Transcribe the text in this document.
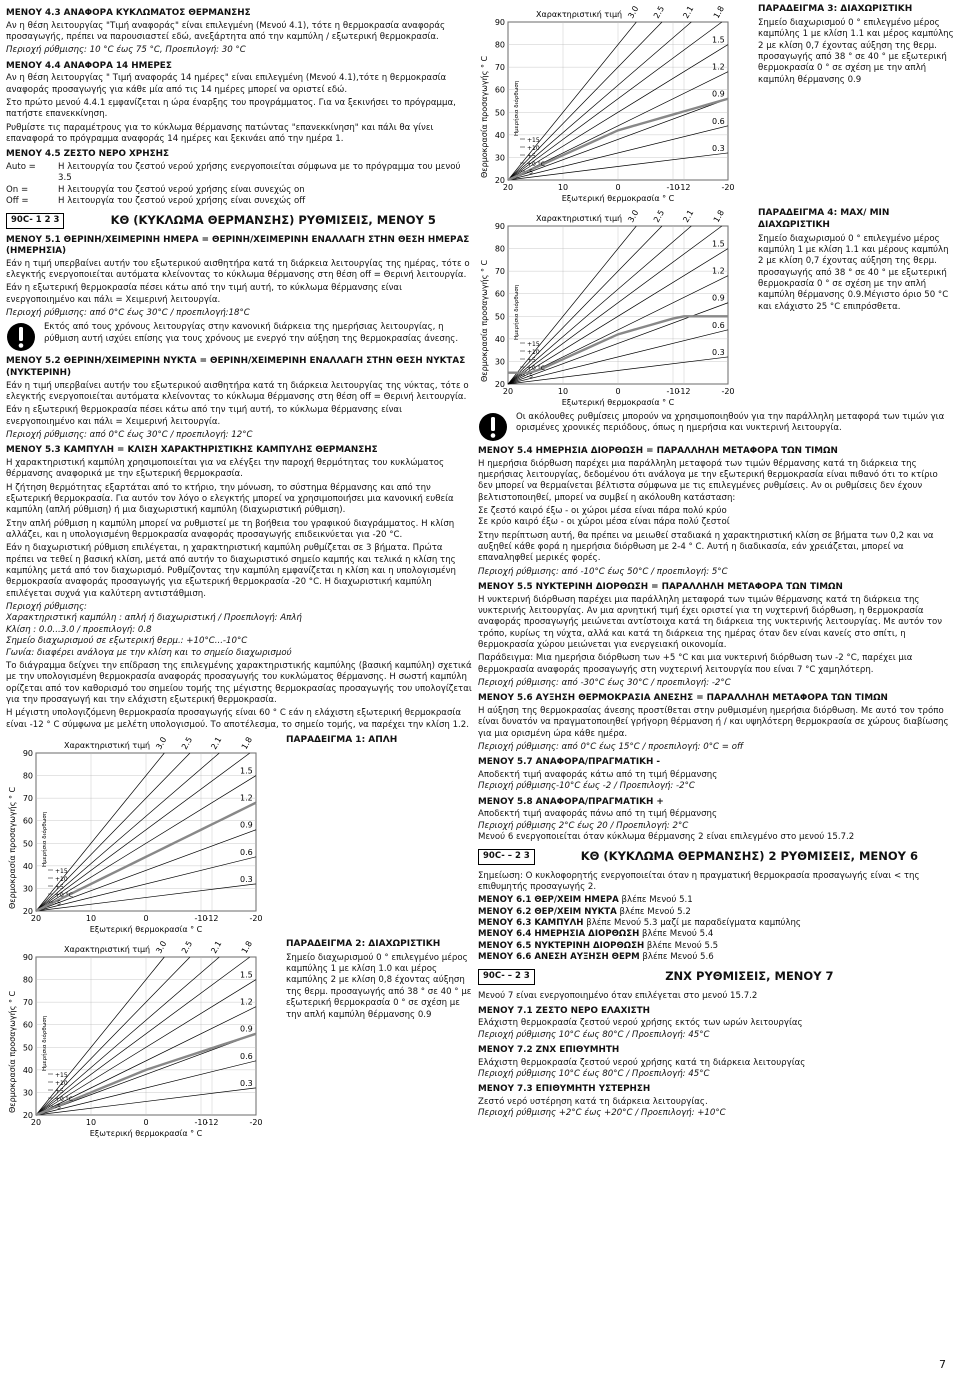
ΜΕΝΟΥ 4.3 ΑΝΑΦΟΡΑ ΚΥΚΛΩΜΑΤΟΣ ΘΕΡΜΑΝΣΗΣ
Αν η θέση λειτουργίας "Τιμή αναφοράς" είναι επιλεγμένη (Μενού 4.1), τότε η θερμοκρασία αναφοράς προσαγωγής, πρέπει να παρουσιαστεί εδώ, ανεξάρτητα από την καμπύλη / εξωτερική θερμοκρασία.
Περιοχή ρύθμισης: 10 °C έως 75 °C, Προεπιλογή: 30 °C
ΜΕΝΟΥ 4.4 ΑΝΑΦΟΡΑ 14 ΗΜΕΡΕΣ
Αν η θέση λειτουργίας " Τιμή αναφοράς 14 ημέρες" είναι επιλεγμένη (Μενού 4.1),τότε η θερμοκρασία αναφοράς προσαγωγής για κάθε μία από τις 14 ημέρες μπορεί να οριστεί εδώ.
Στο πρώτο μενού 4.4.1 εμφανίζεται η ώρα έναρξης του προγράμματος. Για να ξεκινήσει το πρόγραμμα, πατήστε επανεκκίνηση.
Ρυθμίστε τις παραμέτρους για το κύκλωμα θέρμανσης πατώντας "επανεκκίνηση" και πάλι θα γίνει επαναφορά το πρόγραμμα αναφοράς 14 ημέρες και ξεκινάει από την ημέρα 1.
ΜΕΝΟΥ 4.5 ΖΕΣΤΟ ΝΕΡΟ ΧΡΗΣΗΣ
Auto =	Η λειτουργία του ζεστού νερού χρήσης ενεργοποιείται σύμφωνα με το πρόγραμμα του μενού 3.5
On =	Η λειτουργία του ζεστού νερού χρήσης είναι συνεχώς on
Off =	Η λειτουργία του ζεστού νερού χρήσης είναι συνεχώς off
90C- 1 2 3	ΚΘ (ΚΥΚΛΩΜΑ ΘΕΡΜΑΝΣΗΣ) ΡΥΘΜΙΣΕΙΣ, ΜΕΝΟΥ 5
ΜΕΝΟΥ 5.1 ΘΕΡΙΝΗ/ΧΕΙΜΕΡΙΝΗ ΗΜΕΡΑ = ΘΕΡΙΝΗ/ΧΕΙΜΕΡΙΝΗ ΕΝΑΛΛΑΓΗ ΣΤΗΝ ΘΕΣΗ ΗΜΕΡΑΣ (ΗΜΕΡΗΣΙΑ)
Εάν η τιμή υπερβαίνει αυτήν του εξωτερικού αισθητήρα κατά τη διάρκεια λειτουργίας της ημέρας, τότε ο ελεγκτής ενεργοποιείται αυτόματα κλείνοντας το κύκλωμα θέρμανσης στη θέση off = Θερινή λειτουργία.
Εάν η εξωτερική θερμοκρασία πέσει κάτω από την τιμή αυτή, το κύκλωμα θέρμανσης είναι ενεργοποιημένο και πάλι = Χειμερινή λειτουργία.
Περιοχή ρύθμισης: από 0°C έως 30°C / προεπιλογή:18°C
Εκτός από τους χρόνους λειτουργίας στην κανονική διάρκεια της ημερήσιας λειτουργίας, η ρύθμιση αυτή ισχύει επίσης για τους χρόνους με ενεργό την αύξηση της θερμοκρασίας άνεσης.
ΜΕΝΟΥ 5.2 ΘΕΡΙΝΗ/ΧΕΙΜΕΡΙΝΗ ΝΥΚΤΑ = ΘΕΡΙΝΗ/ΧΕΙΜΕΡΙΝΗ ΕΝΑΛΛΑΓΗ ΣΤΗΝ ΘΕΣΗ ΝΥΚΤΑΣ (ΝΥΚΤΕΡΙΝΗ)
Εάν η τιμή υπερβαίνει αυτήν του εξωτερικού αισθητήρα κατά τη διάρκεια λειτουργίας της νύκτας, τότε ο ελεγκτής ενεργοποιείται αυτόματα κλείνοντας το κύκλωμα θέρμανσης στη θέση off = Θερινή λειτουργία.
Εάν η εξωτερική θερμοκρασία πέσει κάτω από την τιμή αυτή, το κύκλωμα θέρμανσης είναι ενεργοποιημένο και πάλι = Χειμερινή λειτουργία.
Περιοχή ρύθμισης: από 0°C έως 30°C / προεπιλογή: 12°C
ΜΕΝΟΥ 5.3 ΚΑΜΠΥΛΗ = ΚΛΙΣΗ ΧΑΡΑΚΤΗΡΙΣΤΙΚΗΣ ΚΑΜΠΥΛΗΣ ΘΕΡΜΑΝΣΗΣ
Η χαρακτηριστική καμπύλη χρησιμοποιείται για να ελέγξει την παροχή θερμότητας του κυκλώματος θέρμανσης αναφορικά με την εξωτερική θερμοκρασία.
Η ζήτηση θερμότητας εξαρτάται από το κτήριο, την μόνωση, το σύστημα θέρμανσης και από την εξωτερική θερμοκρασία. Για αυτόν τον λόγο ο ελεγκτής μπορεί να χρησιμοποιήσει μια κανονική ευθεία καμπύλη (απλή ρύθμιση) ή μια διαχωριστική καμπύλη (διαχωριστική ρύθμιση).
Στην απλή ρύθμιση η καμπύλη μπορεί να ρυθμιστεί με τη βοήθεια του γραφικού διαγράμματος. Η κλίση αλλάζει, και η υπολογισμένη θερμοκρασία αναφοράς προσαγωγής επιδεικνύεται για -20 °C.
Εάν η διαχωριστική ρύθμιση επιλέγεται, η χαρακτηριστική καμπύλη ρυθμίζεται σε 3 βήματα. Πρώτα πρέπει να τεθεί η βασική κλίση, μετά από αυτήν το διαχωριστικό σημείο καμπής και τελικά η κλίση της καμπύλης μετά από τον διαχωρισμό. Ρυθμίζοντας την καμπύλη εμφανίζεται η κλίση και η υπολογισμένη θερμοκρασία αναφοράς προσαγωγής για εξωτερική θερμοκρασία -20 °C. Η διαχωριστική καμπύλη επιλέγεται συχνά για καλύτερη αντιστάθμιση.
Περιοχή ρύθμισης:
Χαρακτηριστική καμπύλη : απλή ή διαχωριστική / Προεπιλογή: Απλή
Κλίση : 0.0...3.0 / προεπιλογή: 0.8
Σημείο διαχωρισμού σε εξωτερική θερμ.: +10°C...-10°C
Γωνία: διαφέρει ανάλογα με την κλίση και το σημείο διαχωρισμού
Το διάγραμμα δείχνει την επίδραση της επιλεγμένης χαρακτηριστικής καμπύλης (βασική καμπύλη) σχετικά με την υπολογισμένη θερμοκρασία αναφοράς προσαγωγής του κυκλώματος θέρμανσης. Η σωστή καμπύλη ορίζεται από τον καθορισμό του σημείου τομής της μέγιστης θερμοκρασίας προσαγωγής του υπολογίζεται για την προσαγωγή και την ελάχιστη εξωτερική θερμοκρασία.
Η μέγιστη υπολογιζόμενη θερμοκρασία προσαγωγής είναι 60 ° C εάν η ελάχιστη εξωτερική θερμοκρασία είναι -12 ° C σύμφωνα με μελέτη υπολογισμού. Το αποτέλεσμα, το σημείο τομής, να παρέχει την κλίση 1.2.
20
30
40
50
60
70
80
90
20	10	0	-10
-12	-20
3.0 2.5 2.1 1.8
1.5
1.2
0.9
0.6
0.3
+15
+10
+5
+0 °C
-5
Ημερήσια διόρθωση
Χαρακτηριστική τιμή
Εξωτερική θερμοκρασία ° C
Θερμοκρασία προσαγωγής ° C
ΠΑΡΑΔΕΙΓΜΑ 1: ΑΠΛΗ
20
30
40
50
60
70
80
90
20	10	0	-10
-12	-20
3.0 2.5 2.1 1.8
1.5
1.2
0.9
0.6
0.3
+15
+10
+5
+0 °C
-5
Ημερήσια διόρθωση
Χαρακτηριστική τιμή
Εξωτερική θερμοκρασία ° C
Θερμοκρασία προσαγωγής ° C
ΠΑΡΑΔΕΙΓΜΑ 2: ΔΙΑΧΩΡΙΣΤΙΚΗ
Σημείο διαχωρισμού 0 ° επιλεγμένο μέρος καμπύλης 1 με κλίση 1.0 και μέρος καμπύλης 2 με κλίση 0,8 έχοντας αύξηση της θερμ. προσαγωγής από 38 ° σε 40 ° με εξωτερική θερμοκρασία 0 ° σε σχέση με την απλή καμπύλη θέρμανσης 0.9
20
30
40
50
60
70
80
90
20	10	0	-10
-12	-20
3.0 2.5 2.1 1.8
1.5
1.2
0.9
0.6
0.3
+15
+10
+5
+0 °C
-5
Ημερήσια διόρθωση
Χαρακτηριστική τιμή
Εξωτερική θερμοκρασία ° C
Θερμοκρασία προσαγωγής ° C
ΠΑΡΑΔΕΙΓΜΑ 3: ΔΙΑΧΩΡΙΣΤΙΚΗ
Σημείο διαχωρισμού 0 ° επιλεγμένο μέρος καμπύλης 1 με κλίση 1.1 και μέρος καμπύλης 2 με κλίση 0,7 έχοντας αύξηση της θερμ. προσαγωγής από 38 ° σε 40 ° με εξωτερική θερμοκρασία 0 ° σε σχέση με την απλή καμπύλη θέρμανσης 0.9
20
30
40
50
60
70
80
90
20	10	0	-10
-12	-20
3.0 2.5 2.1 1.8
1.5
1.2
0.9
0.6
0.3
+15
+10
+5
+0 °C
-5
Ημερήσια διόρθωση
Χαρακτηριστική τιμή
Εξωτερική θερμοκρασία ° C
Θερμοκρασία προσαγωγής ° C
ΠΑΡΑΔΕΙΓΜΑ 4: MAX/ MIN ΔΙΑΧΩΡΙΣΤΙΚΗ
Σημείο διαχωρισμού 0 ° επιλεγμένο μέρος καμπύλη 1 με κλίση 1.1 και μέρους καμπύλη 2 με κλίση 0,7 έχοντας αύξηση της θερμ. προσαγωγής από 38 ° σε 40 ° με εξωτερική θερμοκρασία 0 ° σε σχέση με την απλή καμπύλη θέρμανσης 0.9.Μέγιστο όριο 50 °C και ελάχιστο 25 °C επιπρόσθετα.
Οι ακόλουθες ρυθμίσεις μπορούν να χρησιμοποιηθούν για την παράλληλη μεταφορά των τιμών για ορισμένες χρονικές περιόδους, όπως η ημερήσια και νυκτερινή λειτουργία.
ΜΕΝΟΥ 5.4 ΗΜΕΡΗΣΙΑ ΔΙΟΡΘΩΣΗ = ΠΑΡΑΛΛΗΛΗ ΜΕΤΑΦΟΡΑ ΤΩΝ ΤΙΜΩΝ
Η ημερήσια διόρθωση παρέχει μια παράλληλη μεταφορά των τιμών θέρμανσης κατά τη διάρκεια της ημερήσιας λειτουργίας, δεδομένου ότι ανάλογα με την εξωτερική θερμοκρασία είναι πιθανό ότι το κτίριο δεν μπορεί να θερμαίνεται βέλτιστα σύμφωνα με τις επιλεγμένες ρυθμίσεις. Αν οι ρυθμίσεις δεν έχουν βελτιστοποιηθεί, μπορεί να συμβεί η ακόλουθη κατάσταση:
Σε ζεστό καιρό έξω - οι χώροι μέσα είναι πάρα πολύ κρύο
Σε κρύο καιρό έξω - οι χώροι μέσα είναι πάρα πολύ ζεστοί
Στην περίπτωση αυτή, θα πρέπει να μειωθεί σταδιακά η χαρακτηριστική κλίση σε βήματα των 0,2 και να αυξηθεί κάθε φορά η ημερήσια διόρθωση με 2-4 ° C. Αυτή η διαδικασία, εάν χρειάζεται, μπορεί να επαναληφθεί μερικές φορές.
Περιοχή ρύθμισης: από -10°C έως 50°C / προεπιλογή: 5°C
ΜΕΝΟΥ 5.5 ΝΥΚΤΕΡΙΝΗ ΔΙΟΡΘΩΣΗ = ΠΑΡΑΛΛΗΛΗ ΜΕΤΑΦΟΡΑ ΤΩΝ ΤΙΜΩΝ
Η νυκτερινή διόρθωση παρέχει μια παράλληλη μεταφορά των τιμών θέρμανσης κατά τη διάρκεια της νυκτερινής λειτουργίας. Αν μια αρνητική τιμή έχει οριστεί για τη νυχτερινή διόρθωση, η θερμοκρασία αναφοράς προσαγωγής μειώνεται αντίστοιχα κατά τη διάρκεια της νυκτερινής λειτουργίας. Με αυτόν τον τρόπο, κυρίως τη νύχτα, αλλά και κατά τη διάρκεια της ημέρας όταν δεν είναι κανείς στο σπίτι, η θερμοκρασία χώρου μειώνεται για ενεργειακή οικονομία.
Παράδειγμα: Μια ημερήσια διόρθωση των +5 °C και μια νυκτερινή διόρθωση των -2 °C, παρέχει μια θερμοκρασία αναφοράς προσαγωγής στη νυχτερινή λειτουργία που είναι 7 °C χαμηλότερη.
Περιοχή ρύθμισης: από -30°C έως 30°C / προεπιλογή: -2°C
ΜΕΝΟΥ 5.6 ΑΥΞΗΣΗ ΘΕΡΜΟΚΡΑΣΙΑ ΑΝΕΣΗΣ = ΠΑΡΑΛΛΗΛΗ ΜΕΤΑΦΟΡΑ ΤΩΝ ΤΙΜΩΝ
Η αύξηση της θερμοκρασίας άνεσης προστίθεται στην ρυθμισμένη ημερήσια διόρθωση. Με αυτό τον τρόπο είναι δυνατόν να πραγματοποιηθεί γρήγορη θέρμανση ή / και υψηλότερη θερμοκρασία σε χώρους διαβίωσης για μια ορισμένη ώρα κάθε ημέρα.
Περιοχή ρύθμισης: από 0°C έως 15°C / προεπιλογή: 0°C = off
ΜΕΝΟΥ 5.7 ΑΝΑΦΟΡΑ/ΠΡΑΓΜΑΤΙΚΗ -
Αποδεκτή τιμή αναφοράς κάτω από τη τιμή θέρμανσης
Περιοχή ρύθμισης-10°C έως -2 / Προεπιλογή: -2°C
ΜΕΝΟΥ 5.8 ΑΝΑΦΟΡΑ/ΠΡΑΓΜΑΤΙΚΗ +
Αποδεκτή τιμή αναφοράς πάνω από τη τιμή θέρμανσης
Περιοχή ρύθμισης 2°C έως 20 / Προεπιλογή: 2°C
Μενού 6 ενεργοποιείται όταν κύκλωμα θέρμανσης 2 είναι επιλεγμένο στο μενού 15.7.2
90C- – 2 3	ΚΘ (ΚΥΚΛΩΜΑ ΘΕΡΜΑΝΣΗΣ) 2 ΡΥΘΜΙΣΕΙΣ, ΜΕΝΟΥ 6
Σημείωση: Ο κυκλοφορητής ενεργοποιείται όταν η πραγματική θερμοκρασία προσαγωγής είναι < της επιθυμητής προσαγωγής 2.
ΜΕΝΟΥ 6.1 ΘΕΡ/ΧΕΙΜ ΗΜΕΡΑ βλέπε Μενού 5.1
ΜΕΝΟΥ 6.2 ΘΕΡ/ΧΕΙΜ ΝΥΚΤΑ βλέπε Μενού 5.2
ΜΕΝΟΥ 6.3 ΚΑΜΠΥΛΗ βλέπε Μενού 5.3 μαζί με παραδείγματα καμπύλης
ΜΕΝΟΥ 6.4 ΗΜΕΡΗΣΙΑ ΔΙΟΡΘΩΣΗ βλέπε Μενού 5.4
ΜΕΝΟΥ 6.5 ΝΥΚΤΕΡΙΝΗ ΔΙΟΡΘΩΣΗ βλέπε Μενού 5.5
ΜΕΝΟΥ 6.6 ΑΝΕΣΗ ΑΥΞΗΣΗ ΘΕΡΜ βλέπε Μενού 5.6
90C- – 2 3	ΖΝΧ ΡΥΘΜΙΣΕΙΣ, ΜΕΝΟΥ 7
Μενού 7 είναι ενεργοποιημένο όταν επιλέγεται στο μενού 15.7.2
ΜΕΝΟΥ 7.1 ΖΕΣΤΟ ΝΕΡΟ ΕΛΑΧΙΣΤΗ
Ελάχιστη θερμοκρασία ζεστού νερού χρήσης εκτός των ωρών λειτουργίας
Περιοχή ρύθμισης 10°C έως 80°C / Προεπιλογή: 45°C
ΜΕΝΟΥ 7.2 ΖΝΧ ΕΠΙΘΥΜΗΤΗ
Ελάχιστη θερμοκρασία ζεστού νερού χρήσης κατά τη διάρκεια λειτουργίας
Περιοχή ρύθμισης 10°C έως 80°C / Προεπιλογή: 45°C
ΜΕΝΟΥ 7.3 ΕΠΙΘΥΜΗΤΗ ΥΣΤΕΡΗΣΗ
Ζεστό νερό υστέρηση κατά τη διάρκεια λειτουργίας.
Περιοχή ρύθμισης +2°C έως +20°C / Προεπιλογή: +10°C
7
